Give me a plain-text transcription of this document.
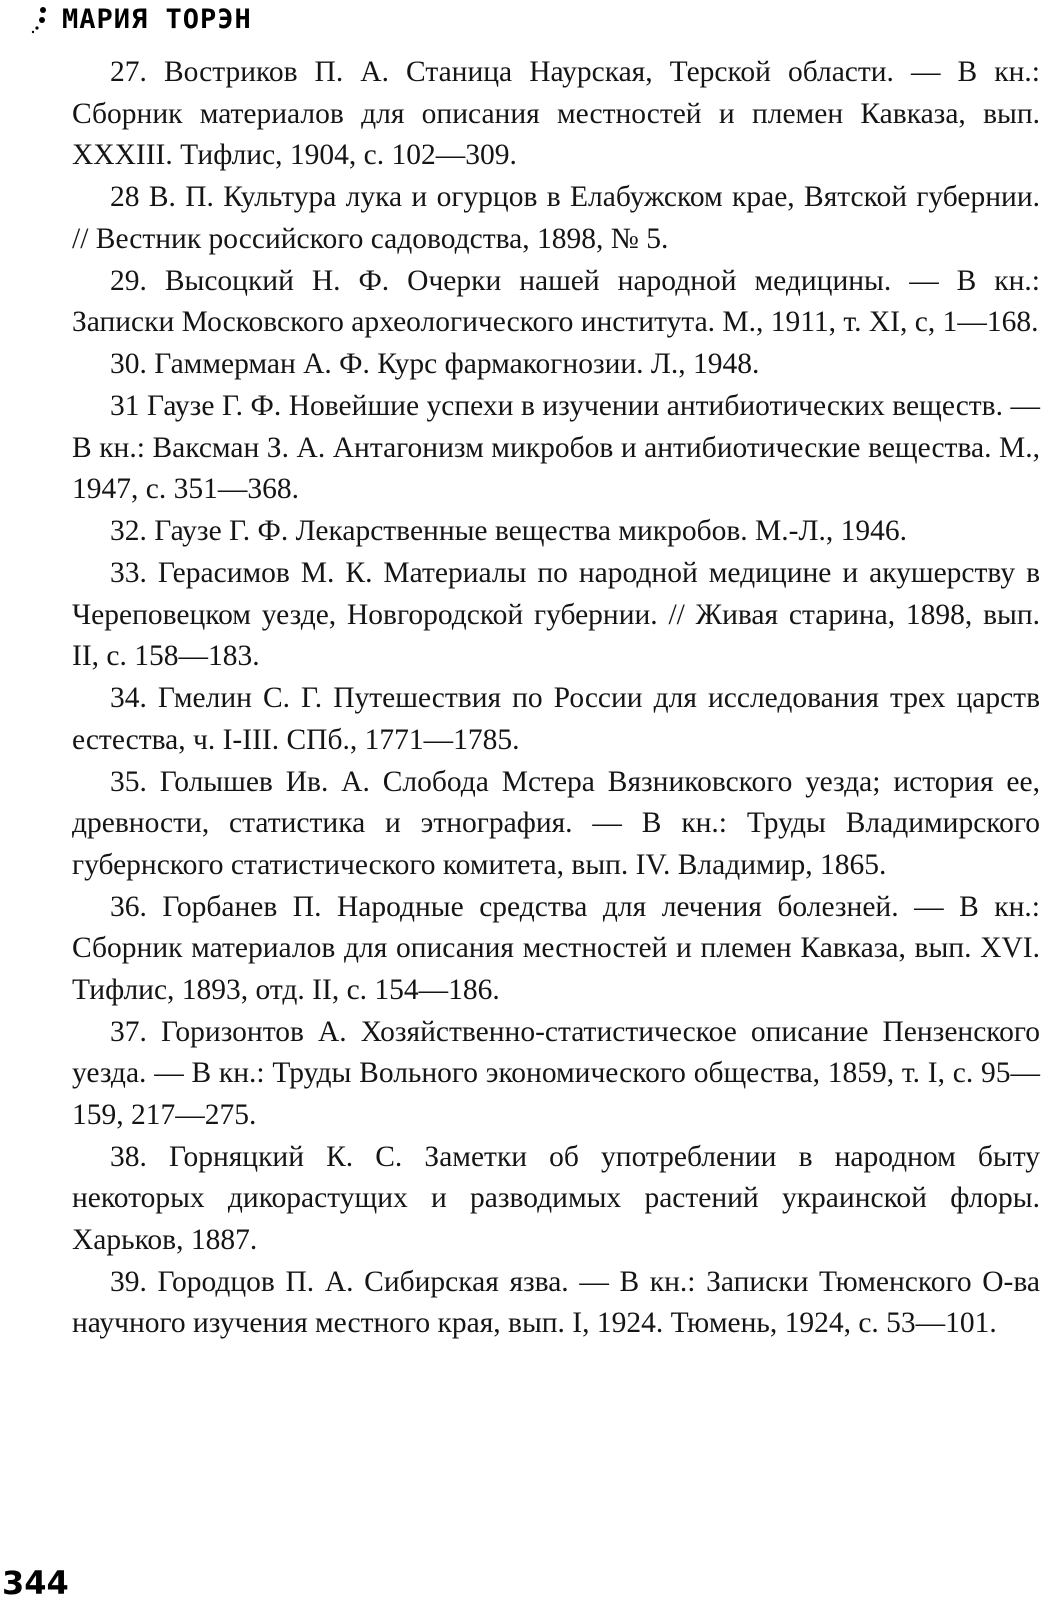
МАРИЯ ТОРЭН

27. Востриков П. А. Станица Наурская, Терской области. — В кн.: Сборник материалов для описания местностей и племен Кавказа, вып. XXXIII. Тифлис, 1904, с. 102—309.

28 В. П. Культура лука и огурцов в Елабужском крае, Вятской губернии. // Вестник российского садоводства, 1898, № 5.

29. Высоцкий Н. Ф. Очерки нашей народной медицины. — В кн.: Записки Московского археологического института. М., 1911, т. XI, с, 1—168.

30. Гаммерман А. Ф. Курс фармакогнозии. Л., 1948.

31 Гаузе Г. Ф. Новейшие успехи в изучении антибиотических веществ. — В кн.: Ваксман З. А. Антагонизм микробов и антибиотические вещества. М., 1947, с. 351—368.

32. Гаузе Г. Ф. Лекарственные вещества микробов. М.-Л., 1946.

33. Герасимов М. К. Материалы по народной медицине и акушерству в Череповецком уезде, Новгородской губернии. // Живая старина, 1898, вып. II, с. 158—183.

34. Гмелин С. Г. Путешествия по России для исследования трех царств естества, ч. I-III. СПб., 1771—1785.

35. Голышев Ив. А. Слобода Мстера Вязниковского уезда; история ее, древности, статистика и этнография. — В кн.: Труды Владимирского губернского статистического комитета, вып. IV. Владимир, 1865.

36. Горбанев П. Народные средства для лечения болезней. — В кн.: Сборник материалов для описания местностей и племен Кавказа, вып. XVI. Тифлис, 1893, отд. II, с. 154—186.

37. Горизонтов А. Хозяйственно-статистическое описание Пензенского уезда. — В кн.: Труды Вольного экономического общества, 1859, т. I, с. 95—159, 217—275.

38. Горняцкий К. С. Заметки об употреблении в народном быту некоторых дикорастущих и разводимых растений украинской флоры. Харьков, 1887.

39. Городцов П. А. Сибирская язва. — В кн.: Записки Тюменского О-ва научного изучения местного края, вып. I, 1924. Тюмень, 1924, с. 53—101.

344
